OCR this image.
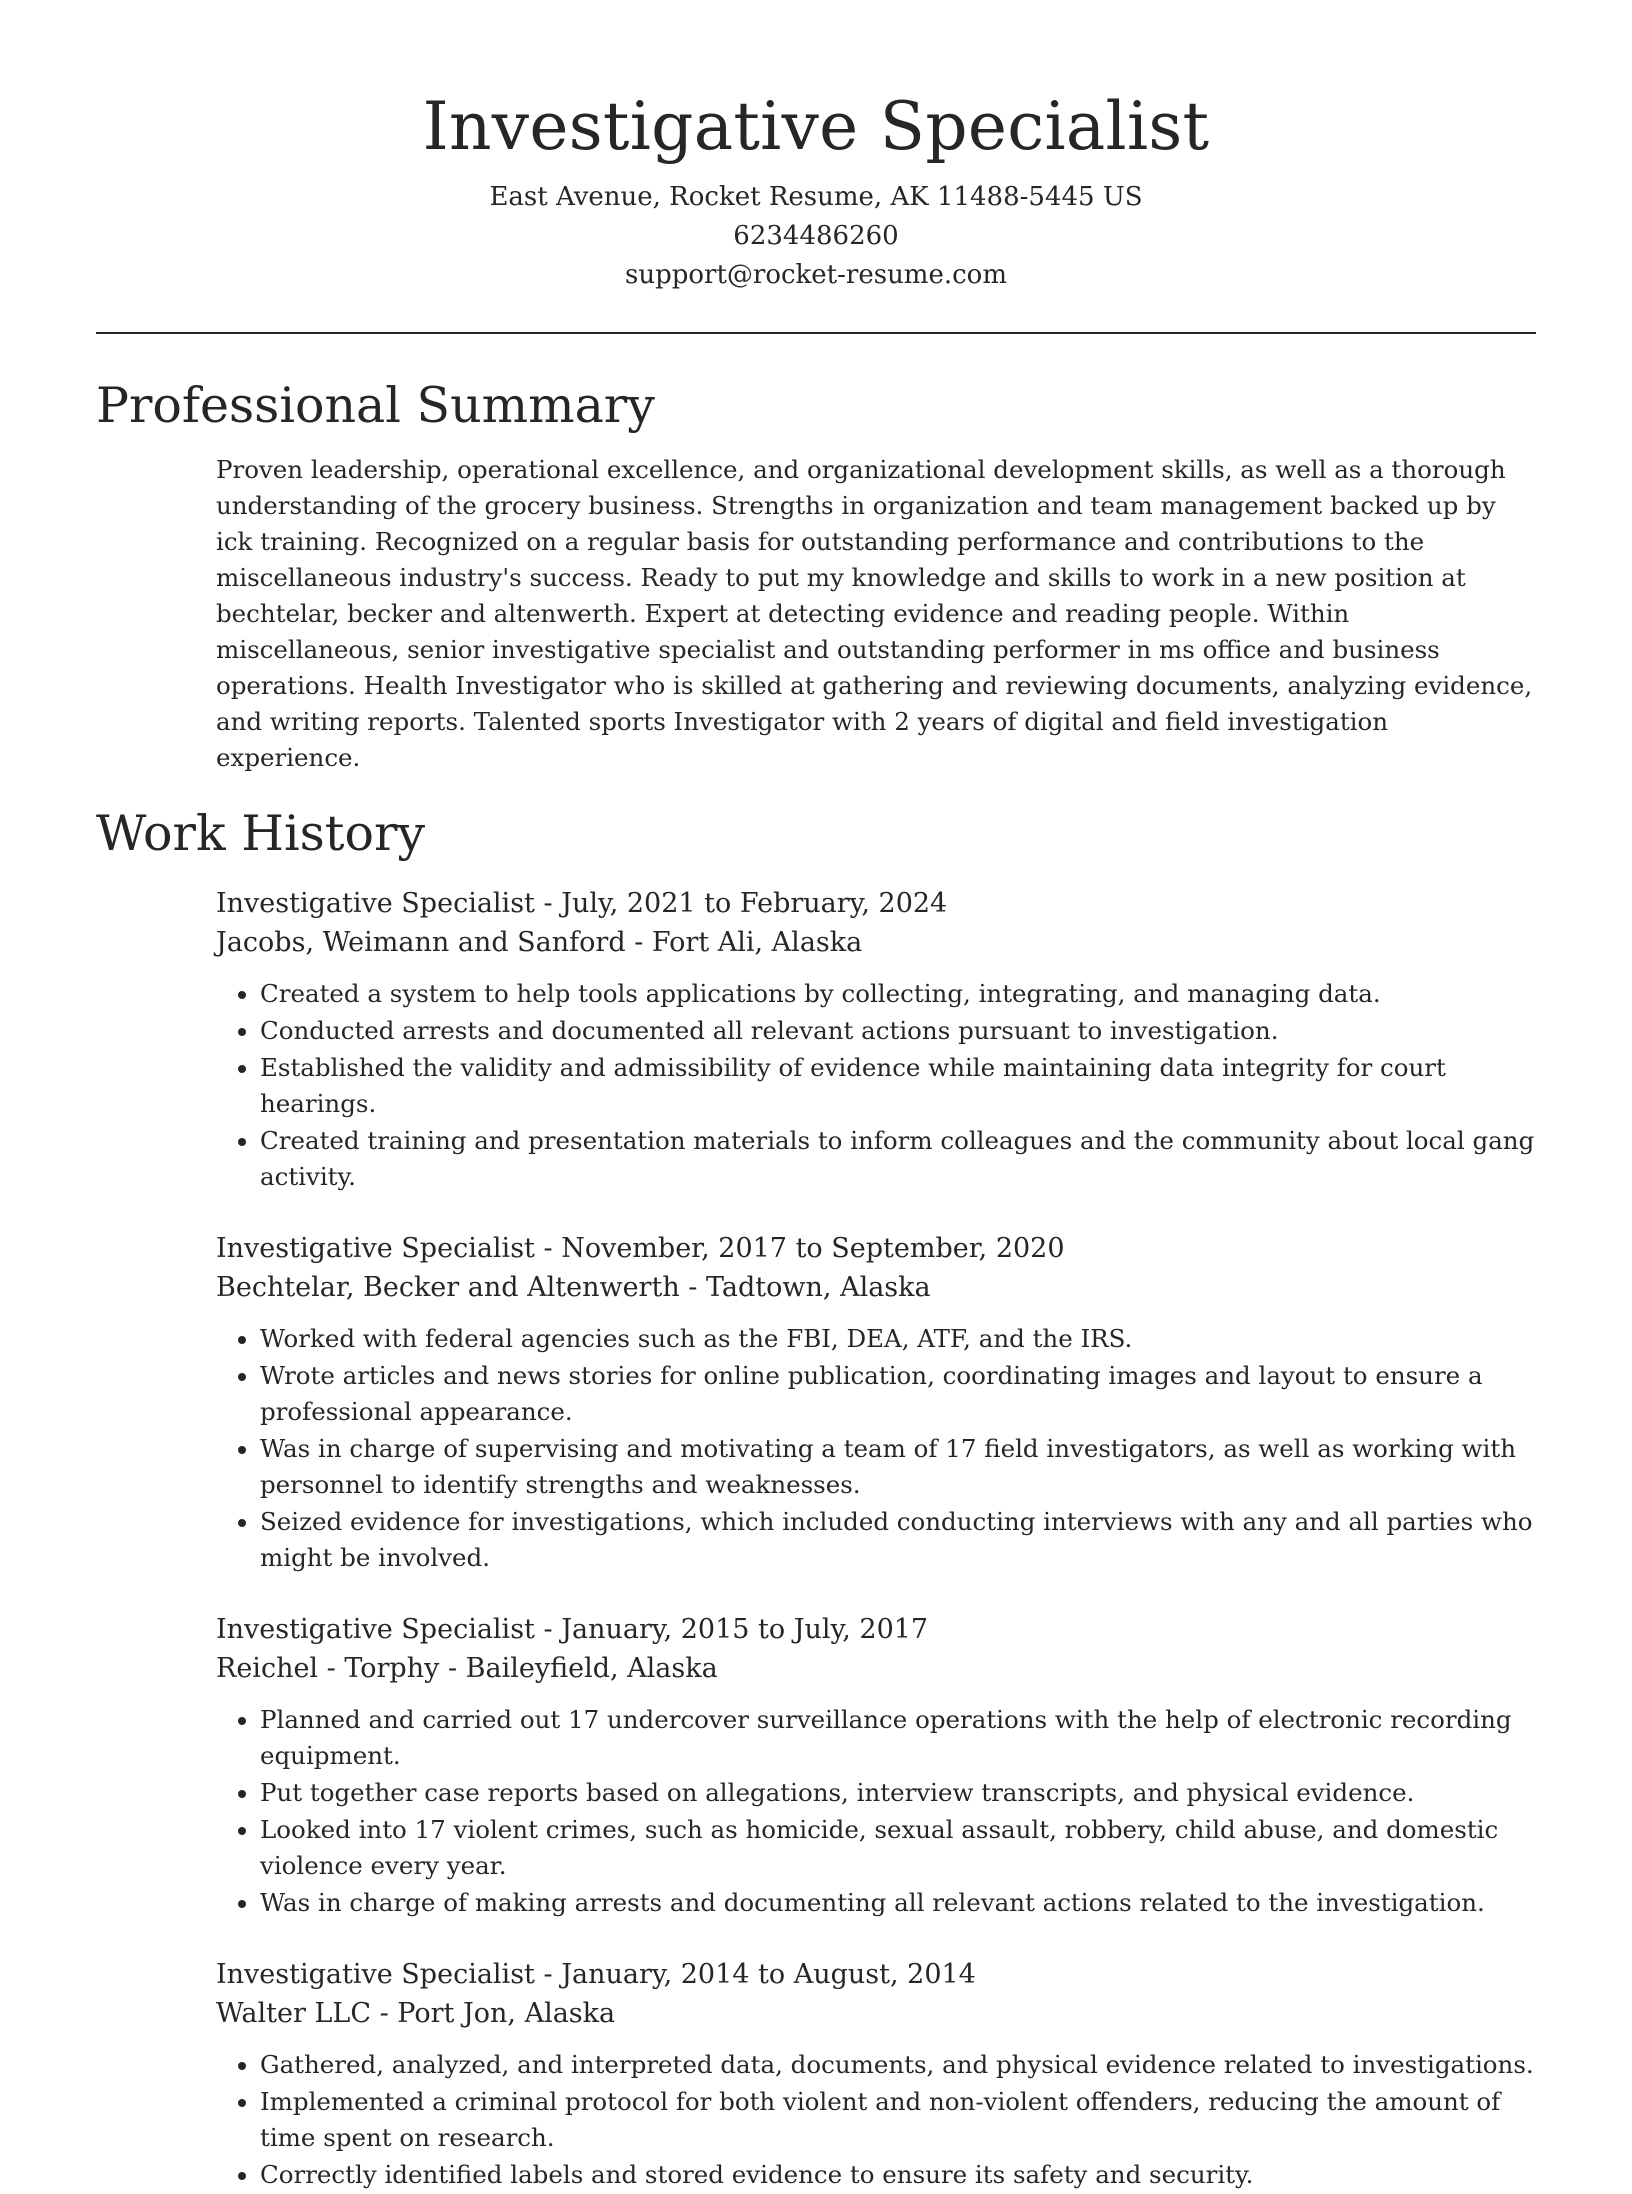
Investigative Specialist

East Avenue, Rocket Resume, AK 11488-5445 US

6234486260

support@rocket-resume.com

Professional Summary

Proven leadership, operational excellence, and organizational development skills, as well as a thorough understanding of the grocery business. Strengths in organization and team management backed up by ick training. Recognized on a regular basis for outstanding performance and contributions to the miscellaneous industry's success. Ready to put my knowledge and skills to work in a new position at bechtelar, becker and altenwerth. Expert at detecting evidence and reading people. Within miscellaneous, senior investigative specialist and outstanding performer in ms office and business operations. Health Investigator who is skilled at gathering and reviewing documents, analyzing evidence, and writing reports. Talented sports Investigator with 2 years of digital and field investigation experience.

Work History

Investigative Specialist - July, 2021 to February, 2024

Jacobs, Weimann and Sanford - Fort Ali, Alaska

• Created a system to help tools applications by collecting, integrating, and managing data.
• Conducted arrests and documented all relevant actions pursuant to investigation.
• Established the validity and admissibility of evidence while maintaining data integrity for court hearings.
• Created training and presentation materials to inform colleagues and the community about local gang activity.

Investigative Specialist - November, 2017 to September, 2020

Bechtelar, Becker and Altenwerth - Tadtown, Alaska

• Worked with federal agencies such as the FBI, DEA, ATF, and the IRS.
• Wrote articles and news stories for online publication, coordinating images and layout to ensure a professional appearance.
• Was in charge of supervising and motivating a team of 17 field investigators, as well as working with personnel to identify strengths and weaknesses.
• Seized evidence for investigations, which included conducting interviews with any and all parties who might be involved.

Investigative Specialist - January, 2015 to July, 2017

Reichel - Torphy - Baileyfield, Alaska

• Planned and carried out 17 undercover surveillance operations with the help of electronic recording equipment.
• Put together case reports based on allegations, interview transcripts, and physical evidence.
• Looked into 17 violent crimes, such as homicide, sexual assault, robbery, child abuse, and domestic violence every year.
• Was in charge of making arrests and documenting all relevant actions related to the investigation.

Investigative Specialist - January, 2014 to August, 2014

Walter LLC - Port Jon, Alaska

• Gathered, analyzed, and interpreted data, documents, and physical evidence related to investigations.
• Implemented a criminal protocol for both violent and non-violent offenders, reducing the amount of time spent on research.
• Correctly identified labels and stored evidence to ensure its safety and security.
